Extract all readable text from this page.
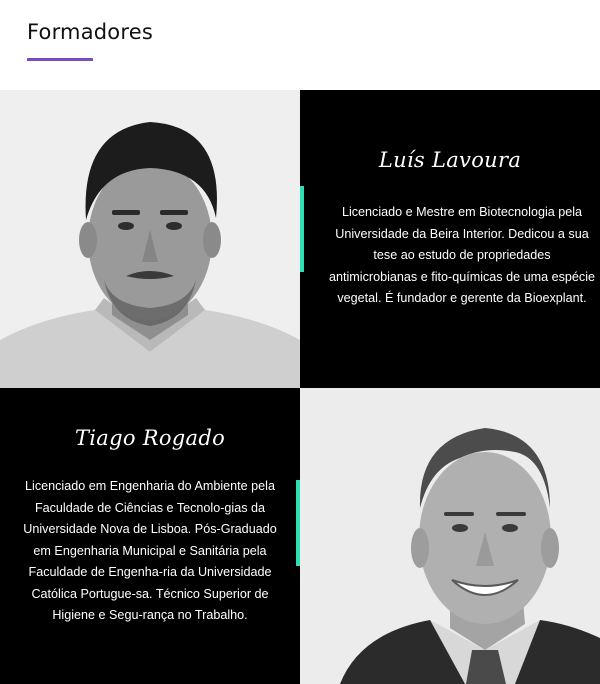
Formadores
Luís Lavoura

Licenciado e Mestre em Biotecnologia pela Universidade da Beira Interior. Dedicou a sua tese ao estudo de propriedades antimicrobianas e fito-químicas de uma espécie vegetal. É fundador e gerente da Bioexplant.

Tiago Rogado

Licenciado em Engenharia do Ambiente pela Faculdade de Ciências e Tecnolo-gias da Universidade Nova de Lisboa. Pós-Graduado em Engenharia Municipal e Sanitária pela Faculdade de Engenha-ria da Universidade Católica Portugue-sa. Técnico Superior de Higiene e Segu-rança no Trabalho.
